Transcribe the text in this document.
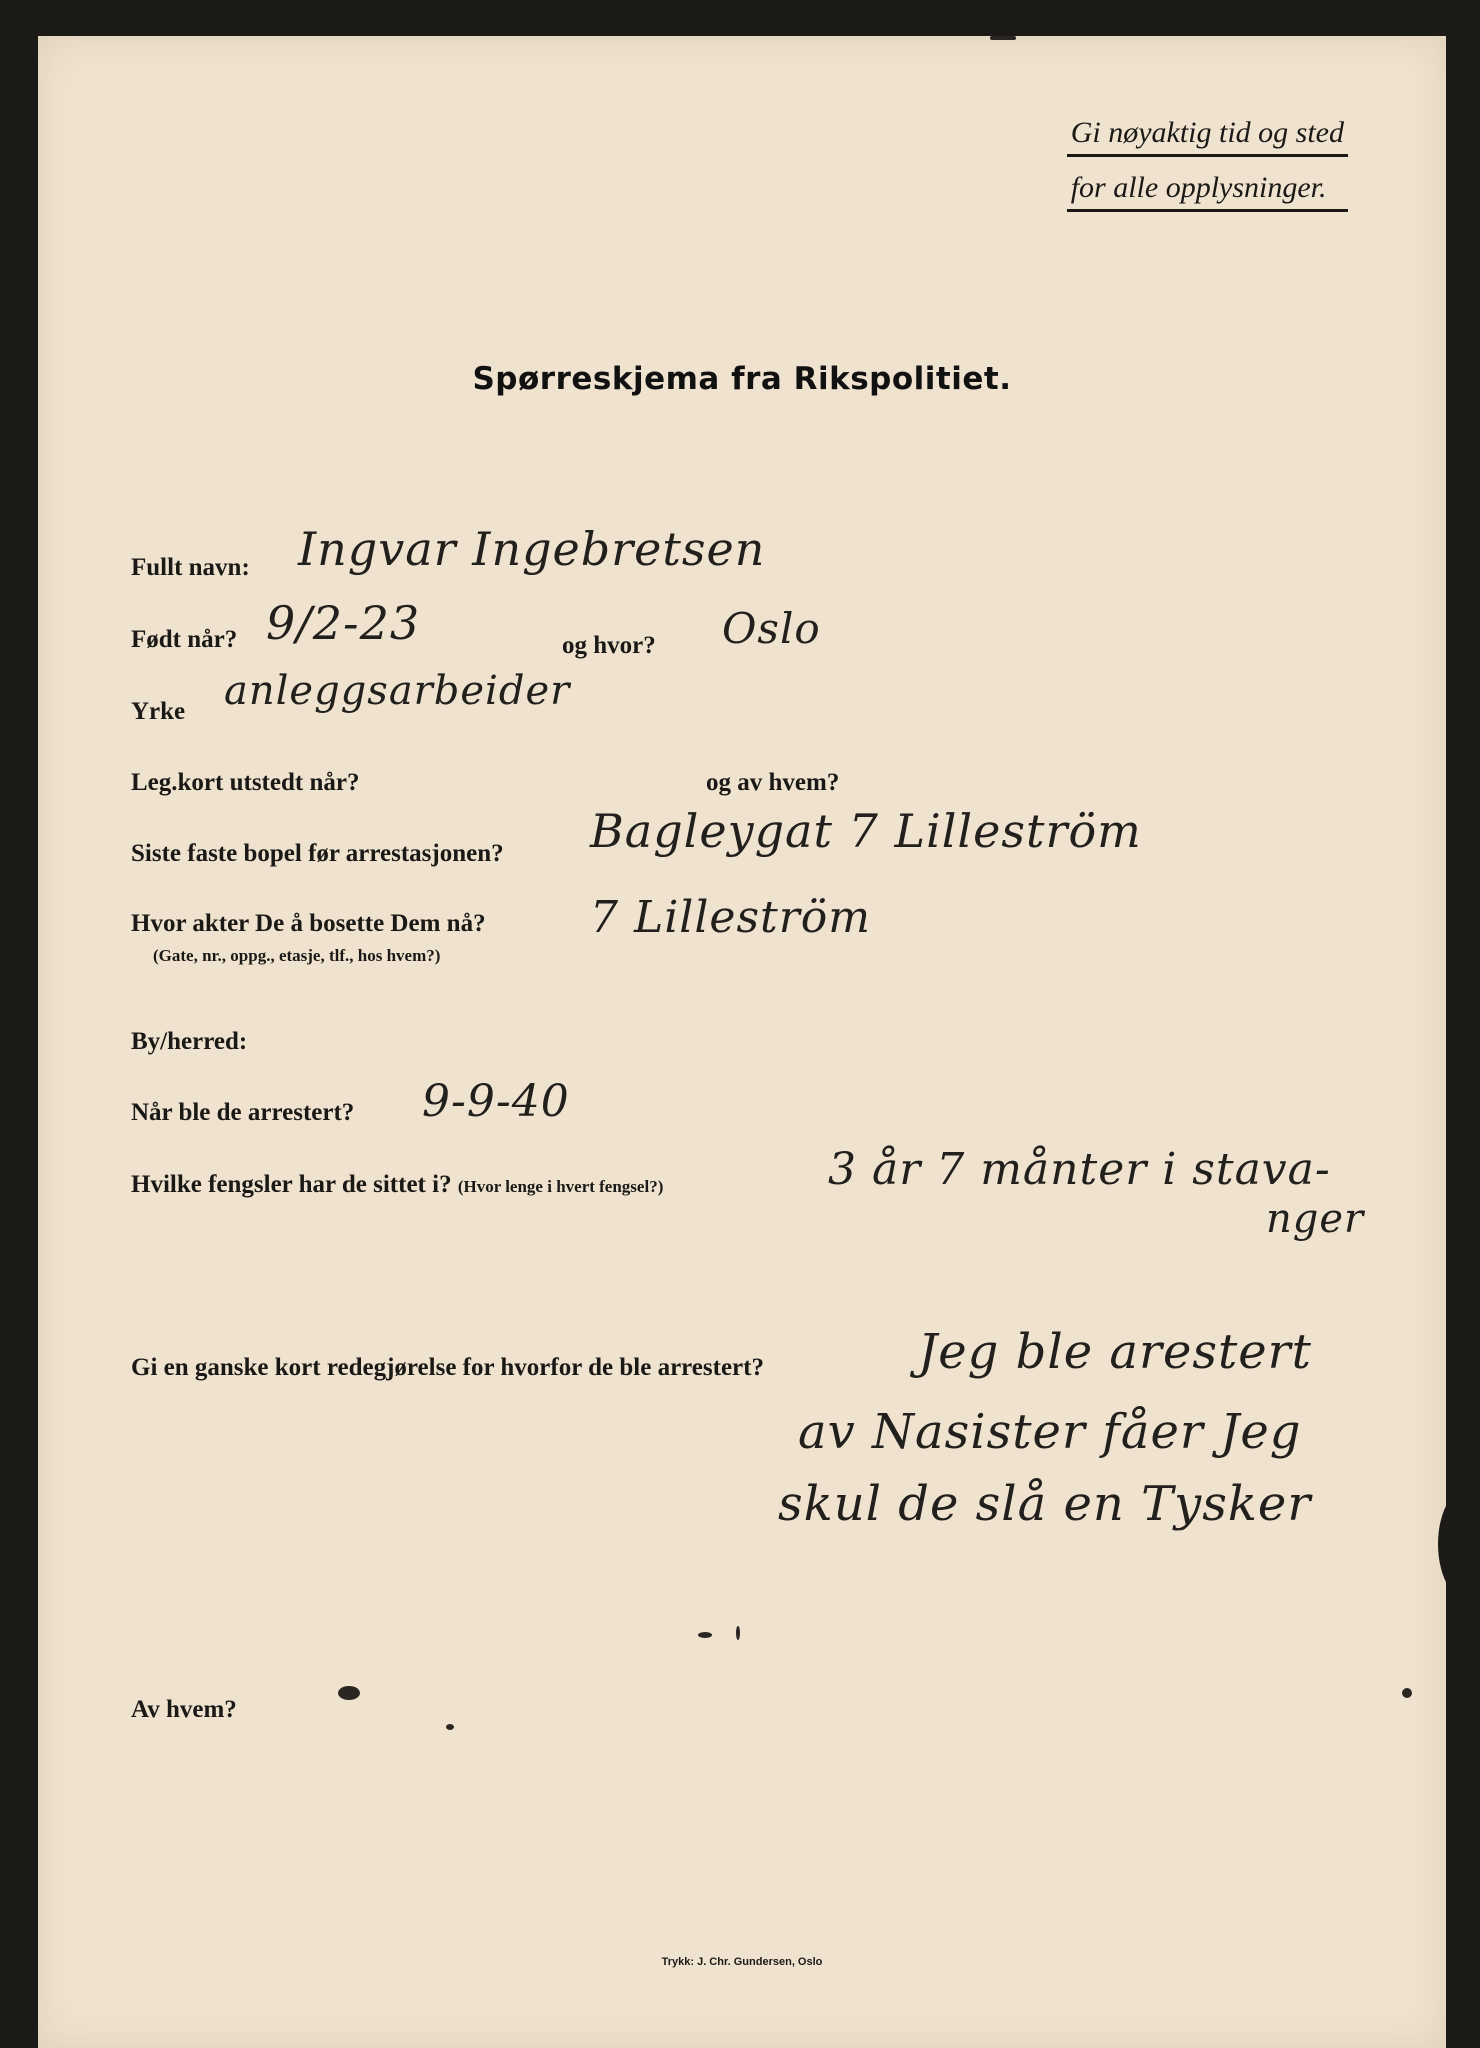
Gi nøyaktig tid og sted
for alle opplysninger.
Spørreskjema fra Rikspolitiet.
Fullt navn: Ingvar Ingebretsen
Født når? 9/2-23	og hvor? Oslo
Yrke anleggsarbeider
Leg.kort utstedt når?	og av hvem?
Siste faste bopel før arrestasjonen? Bagleygat 7 Lilleström
Hvor akter De å bosette Dem nå?
(Gate, nr., oppg., etasje, tlf., hos hvem?)
7 Lilleström
By/herred:
Når ble de arrestert? 9-9-40
Hvilke fengsler har de sittet i? (Hvor lenge i hvert fengsel?)	3 år 7 månter i stava-
nger
Gi en ganske kort redegjørelse for hvorfor de ble arrestert?	Jeg ble arestert
av Nasister fåer Jeg
skul de slå en Tysker
Av hvem?
Trykk: J. Chr. Gundersen, Oslo
